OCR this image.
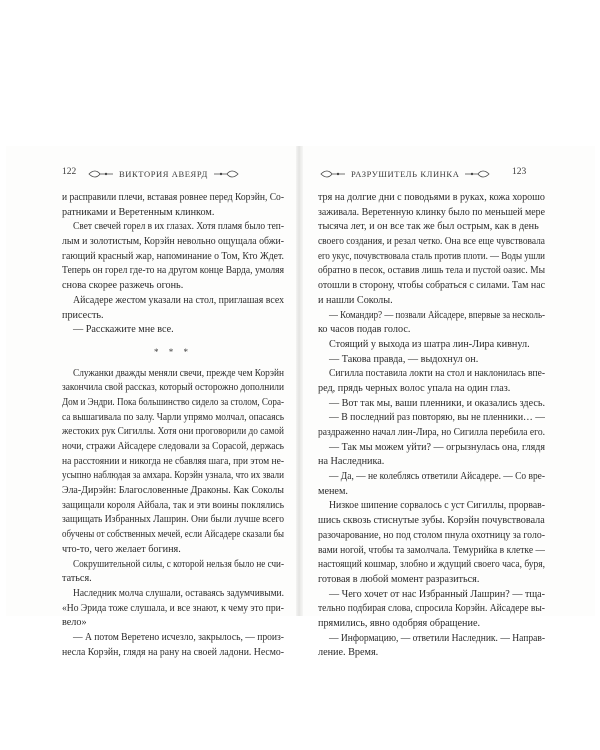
122	ВИКТОРИЯ АВЕЯРД	РАЗРУШИТЕЛЬ КЛИНКА	123
и расправили плечи, вставая ровнее перед Корэйн, Со-
ратниками и Веретенным клинком.
Свет свечей горел в их глазах. Хотя пламя было теп-
лым и золотистым, Корэйн невольно ощущала обжи-
гающий красный жар, напоминание о Том, Кто Ждет.
Теперь он горел где-то на другом конце Варда, умоляя
снова скорее разжечь огонь.
Айсадере жестом указали на стол, приглашая всех
присесть.
— Расскажите мне все.
* * *
Служанки дважды меняли свечи, прежде чем Корэйн
закончила свой рассказ, который осторожно дополнили
Дом и Эндри. Пока большинство сидело за столом, Сора-
са вышагивала по залу. Чарли упрямо молчал, опасаясь
жестоких рук Сигиллы. Хотя они проговорили до самой
ночи, стражи Айсадере следовали за Сорасой, держась
на расстоянии и никогда не сбавляя шага, при этом не-
усыпно наблюдая за амхара. Корэйн узнала, что их звали
Эла-Дирэйн: Благословенные Драконы. Как Соколы
защищали короля Айбала, так и эти воины поклялись
защищать Избранных Лашрин. Они были лучше всего
обучены от собственных мечей, если Айсадере сказали бы
что-то, чего желает богиня.
Сокрушительной силы, с которой нельзя было не счи-
таться.
Наследник молча слушали, оставаясь задумчивыми.
«Но Эрида тоже слушала, и все знают, к чему это при-
вело»
— А потом Веретено исчезло, закрылось, — произ-
несла Корэйн, глядя на рану на своей ладони. Несмо-
тря на долгие дни с поводьями в руках, кожа хорошо
заживала. Веретенную клинку было по меньшей мере
тысяча лет, и он все так же был острым, как в день
своего создания, и резал четко. Она все еще чувствовала
его укус, почувствовала сталь против плоти. — Воды ушли
обратно в песок, оставив лишь тела и пустой оазис. Мы
отошли в сторону, чтобы собраться с силами. Там нас
и нашли Соколы.
— Командир? — позвали Айсадере, впервые за несколь-
ко часов подав голос.
Стоящий у выхода из шатра лин-Лира кивнул.
— Такова правда, — выдохнул он.
Сигилла поставила локти на стол и наклонилась впе-
ред, прядь черных волос упала на один глаз.
— Вот так мы, ваши пленники, и оказались здесь.
— В последний раз повторяю, вы не пленники… —
раздраженно начал лин-Лира, но Сигилла перебила его.
— Так мы можем уйти? — огрызнулась она, глядя
на Наследника.
— Да, — не колеблясь ответили Айсадере. — Со вре-
менем.
Низкое шипение сорвалось с уст Сигиллы, прорвав-
шись сквозь стиснутые зубы. Корэйн почувствовала
разочарование, но под столом пнула охотницу за голо-
вами ногой, чтобы та замолчала. Темурийка в клетке —
настоящий кошмар, злобно и ждущий своего часа, буря,
готовая в любой момент разразиться.
— Чего хочет от нас Избранный Лашрин? — тща-
тельно подбирая слова, спросила Корэйн. Айсадере вы-
прямились, явно одобряя обращение.
— Информацию, — ответили Наследник. — Направ-
ление. Время.
